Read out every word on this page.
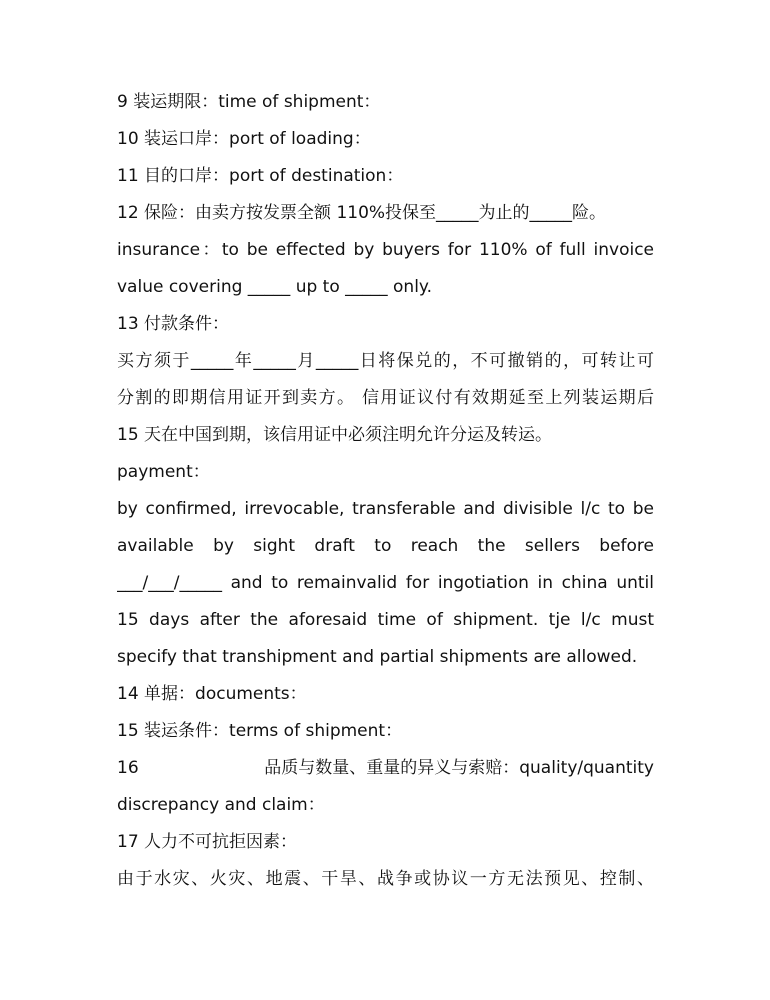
9 装运期限：time of shipment：
10 装运口岸：port of loading：
11 目的口岸：port of destination：
12 保险：由卖方按发票全额 110%投保至_____为止的_____险。
insurance：to be effected by buyers for 110% of full invoice
value covering _____ up to _____ only.
13 付款条件：
买方须于_____年_____月_____日将保兑的，不可撤销的，可转让可
分割的即期信用证开到卖方。 信用证议付有效期延至上列装运期后
15 天在中国到期，该信用证中必须注明允许分运及转运。
payment：
by confirmed, irrevocable, transferable and divisible l/c to be
available by sight draft to reach the sellers before
___/___/_____ and to remainvalid for ingotiation in china until
15 days after the aforesaid time of shipment. tje l/c must
specify that transhipment and partial shipments are allowed.
14 单据：documents：
15 装运条件：terms of shipment：
16	品质与数量、重量的异义与索赔：quality/quantity
discrepancy and claim：
17 人力不可抗拒因素：
由于水灾、火灾、地震、干旱、战争或协议一方无法预见、控制、
